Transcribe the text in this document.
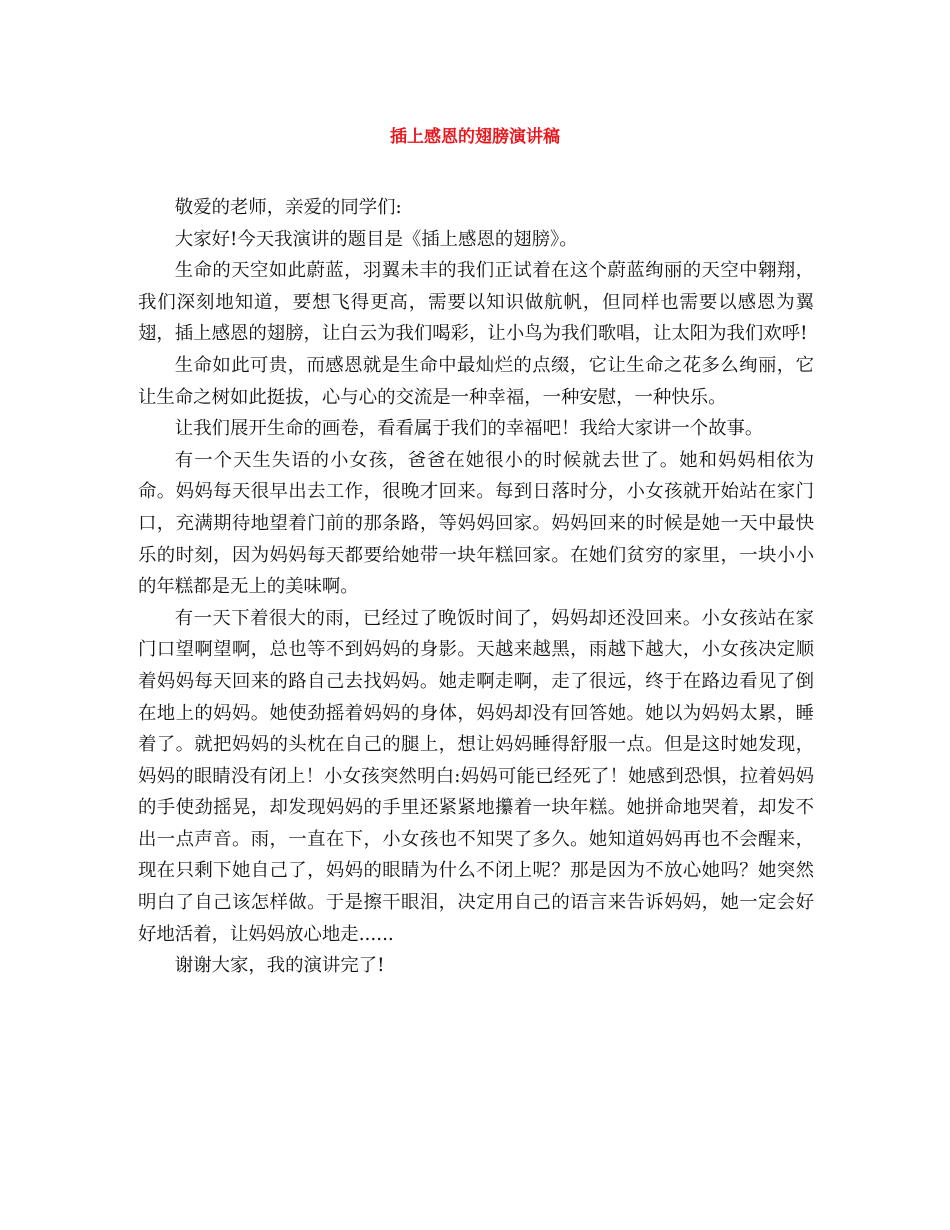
插上感恩的翅膀演讲稿

敬爱的老师，亲爱的同学们:

大家好!今天我演讲的题目是《插上感恩的翅膀》。

生命的天空如此蔚蓝，羽翼未丰的我们正试着在这个蔚蓝绚丽的天空中翱翔，我们深刻地知道，要想飞得更高，需要以知识做航帆，但同样也需要以感恩为翼翅，插上感恩的翅膀，让白云为我们喝彩，让小鸟为我们歌唱，让太阳为我们欢呼!

生命如此可贵，而感恩就是生命中最灿烂的点缀，它让生命之花多么绚丽，它让生命之树如此挺拔，心与心的交流是一种幸福，一种安慰，一种快乐。

让我们展开生命的画卷，看看属于我们的幸福吧！我给大家讲一个故事。

有一个天生失语的小女孩，爸爸在她很小的时候就去世了。她和妈妈相依为命。妈妈每天很早出去工作，很晚才回来。每到日落时分，小女孩就开始站在家门口，充满期待地望着门前的那条路，等妈妈回家。妈妈回来的时候是她一天中最快乐的时刻，因为妈妈每天都要给她带一块年糕回家。在她们贫穷的家里，一块小小的年糕都是无上的美味啊。

有一天下着很大的雨，已经过了晚饭时间了，妈妈却还没回来。小女孩站在家门口望啊望啊，总也等不到妈妈的身影。天越来越黑，雨越下越大，小女孩决定顺着妈妈每天回来的路自己去找妈妈。她走啊走啊，走了很远，终于在路边看见了倒在地上的妈妈。她使劲摇着妈妈的身体，妈妈却没有回答她。她以为妈妈太累，睡着了。就把妈妈的头枕在自己的腿上，想让妈妈睡得舒服一点。但是这时她发现，妈妈的眼睛没有闭上！小女孩突然明白:妈妈可能已经死了！她感到恐惧，拉着妈妈的手使劲摇晃，却发现妈妈的手里还紧紧地攥着一块年糕。她拼命地哭着，却发不出一点声音。雨，一直在下，小女孩也不知哭了多久。她知道妈妈再也不会醒来，现在只剩下她自己了，妈妈的眼睛为什么不闭上呢？那是因为不放心她吗？她突然明白了自己该怎样做。于是擦干眼泪，决定用自己的语言来告诉妈妈，她一定会好好地活着，让妈妈放心地走......

谢谢大家，我的演讲完了!
